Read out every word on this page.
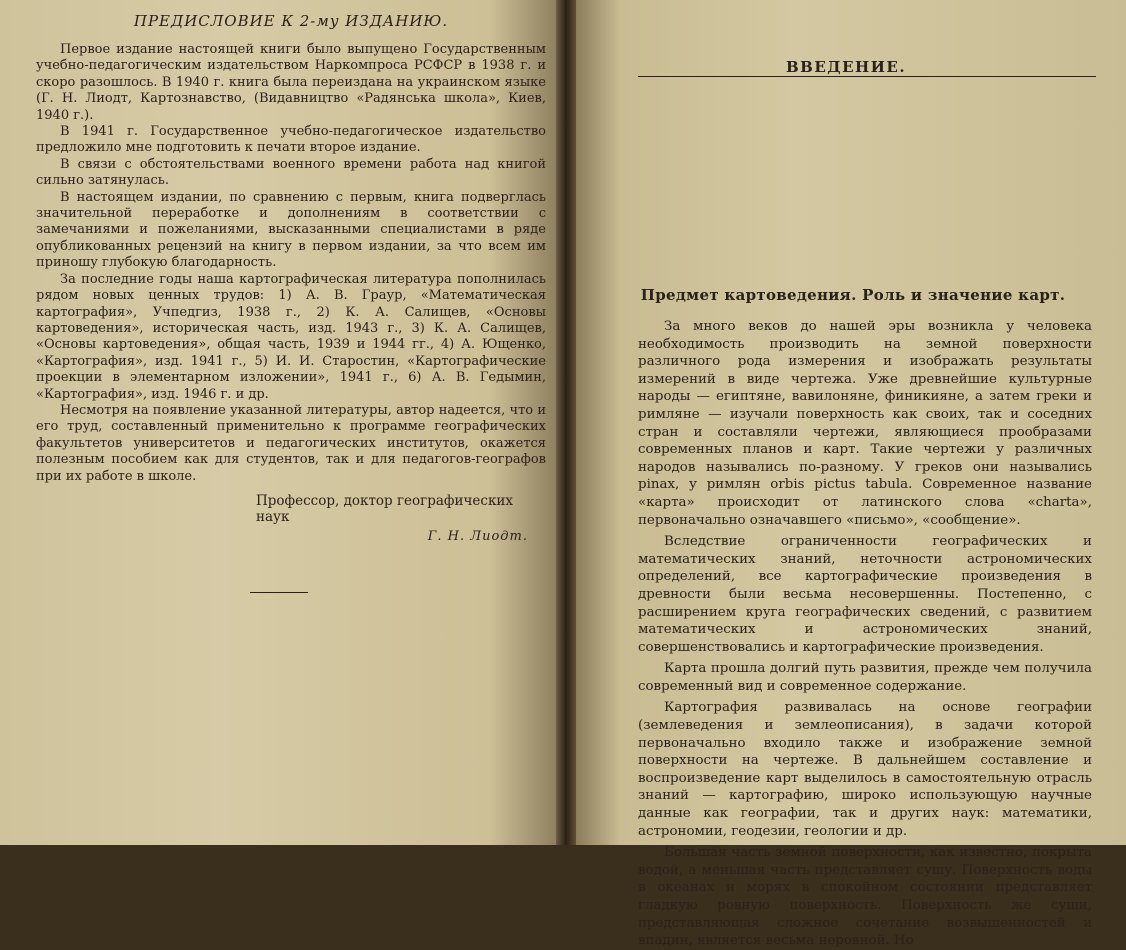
ПРЕДИСЛОВИЕ К 2-му ИЗДАНИЮ.

Первое издание настоящей книги было выпущено Государственным учебно-педагогическим издательством Наркомпроса РСФСР в 1938 г. и скоро разошлось. В 1940 г. книга была переиздана на украинском языке (Г. Н. Лиодт, Картознавство, (Видавництво «Радянська школа», Киев, 1940 г.).

В 1941 г. Государственное учебно-педагогическое издательство предложило мне подготовить к печати второе издание.

В связи с обстоятельствами военного времени работа над книгой сильно затянулась.

В настоящем издании, по сравнению с первым, книга подверглась значительной переработке и дополнениям в соответствии с замечаниями и пожеланиями, высказанными специалистами в ряде опубликованных рецензий на книгу в первом издании, за что всем им приношу глубокую благодарность.

За последние годы наша картографическая литература пополнилась рядом новых ценных трудов: 1) А. В. Граур, «Математическая картография», Учпедгиз, 1938 г., 2) К. А. Салищев, «Основы картоведения», историческая часть, изд. 1943 г., 3) К. А. Салищев, «Основы картоведения», общая часть, 1939 и 1944 гг., 4) А. Ющенко, «Картография», изд. 1941 г., 5) И. И. Старостин, «Картографические проекции в элементарном изложении», 1941 г., 6) А. В. Гедымин, «Картография», изд. 1946 г. и др.

Несмотря на появление указанной литературы, автор надеется, что и его труд, составленный применительно к программе географических факультетов университетов и педагогических институтов, окажется полезным пособием как для студентов, так и для педагогов-географов при их работе в школе.

Профессор, доктор географических наук
Г. Н. Лиодт.
ВВЕДЕНИЕ.
Предмет картоведения. Роль и значение карт.

За много веков до нашей эры возникла у человека необходимость производить на земной поверхности различного рода измерения и изображать результаты измерений в виде чертежа. Уже древнейшие культурные народы — египтяне, вавилоняне, финикияне, а затем греки и римляне — изучали поверхность как своих, так и соседних стран и составляли чертежи, являющиеся прообразами современных планов и карт. Такие чертежи у различных народов назывались по-разному. У греков они назывались pinax, у римлян orbis pictus tabula. Современное название «карта» происходит от латинского слова «charta», первоначально означавшего «письмо», «сообщение».

Вследствие ограниченности географических и математических знаний, неточности астрономических определений, все картографические произведения в древности были весьма несовершенны. Постепенно, с расширением круга географических сведений, с развитием математических и астрономических знаний, совершенствовались и картографические произведения.

Карта прошла долгий путь развития, прежде чем получила современный вид и современное содержание.

Картография развивалась на основе географии (землеведения и землеописания), в задачи которой первоначально входило также и изображение земной поверхности на чертеже. В дальнейшем составление и воспроизведение карт выделилось в самостоятельную отрасль знаний — картографию, широко использующую научные данные как географии, так и других наук: математики, астрономии, геодезии, геологии и др.

Большая часть земной поверхности, как известно, покрыта водой, а меньшая часть представляет сушу. Поверхность воды в океанах и морях в спокойном состоянии представляет гладкую ровную поверхность. Поверхность же суши, представляющая сложное сочетание возвышенностей и впадин, является весьма неровной. Но
